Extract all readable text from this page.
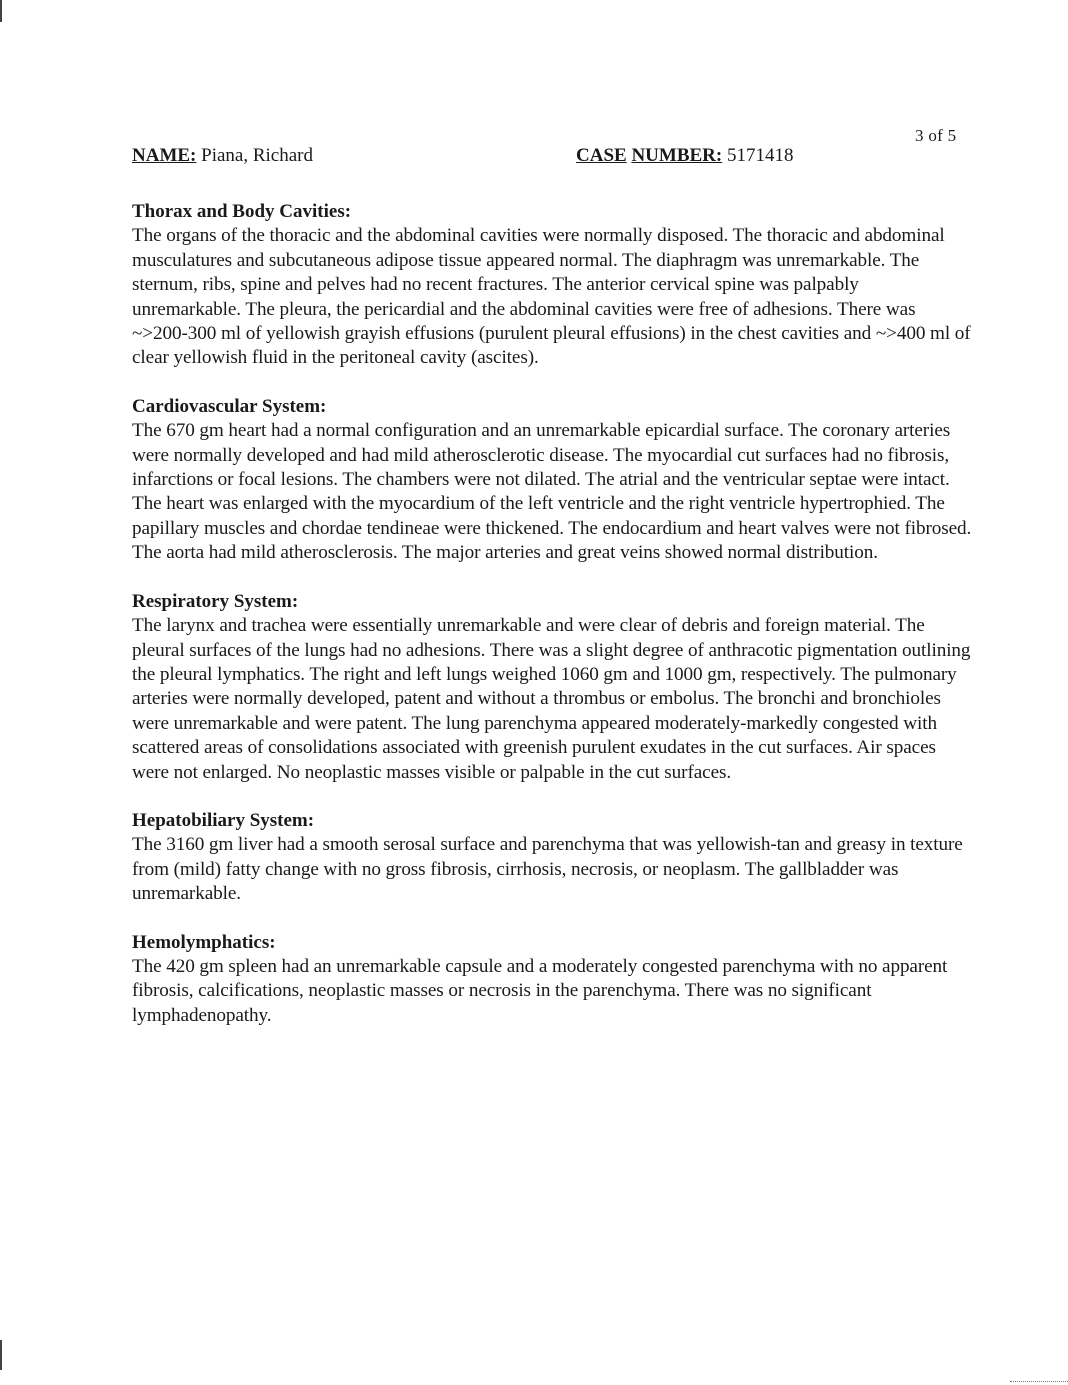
3 of 5
NAME: Piana, Richard	CASE NUMBER: 5171418
Thorax and Body Cavities:

The organs of the thoracic and the abdominal cavities were normally disposed. The thoracic and abdominal musculatures and subcutaneous adipose tissue appeared normal. The diaphragm was unremarkable. The sternum, ribs, spine and pelves had no recent fractures. The anterior cervical spine was palpably unremarkable. The pleura, the pericardial and the abdominal cavities were free of adhesions. There was ~>200-300 ml of yellowish grayish effusions (purulent pleural effusions) in the chest cavities and ~>400 ml of clear yellowish fluid in the peritoneal cavity (ascites).

Cardiovascular System:

The 670 gm heart had a normal configuration and an unremarkable epicardial surface. The coronary arteries were normally developed and had mild atherosclerotic disease. The myocardial cut surfaces had no fibrosis, infarctions or focal lesions. The chambers were not dilated. The atrial and the ventricular septae were intact. The heart was enlarged with the myocardium of the left ventricle and the right ventricle hypertrophied. The papillary muscles and chordae tendineae were thickened. The endocardium and heart valves were not fibrosed. The aorta had mild atherosclerosis. The major arteries and great veins showed normal distribution.

Respiratory System:

The larynx and trachea were essentially unremarkable and were clear of debris and foreign material. The pleural surfaces of the lungs had no adhesions. There was a slight degree of anthracotic pigmentation outlining the pleural lymphatics. The right and left lungs weighed 1060 gm and 1000 gm, respectively. The pulmonary arteries were normally developed, patent and without a thrombus or embolus. The bronchi and bronchioles were unremarkable and were patent. The lung parenchyma appeared moderately-markedly congested with scattered areas of consolidations associated with greenish purulent exudates in the cut surfaces. Air spaces were not enlarged. No neoplastic masses visible or palpable in the cut surfaces.

Hepatobiliary System:

The 3160 gm liver had a smooth serosal surface and parenchyma that was yellowish-tan and greasy in texture from (mild) fatty change with no gross fibrosis, cirrhosis, necrosis, or neoplasm. The gallbladder was unremarkable.

Hemolymphatics:

The 420 gm spleen had an unremarkable capsule and a moderately congested parenchyma with no apparent fibrosis, calcifications, neoplastic masses or necrosis in the parenchyma. There was no significant lymphadenopathy.
